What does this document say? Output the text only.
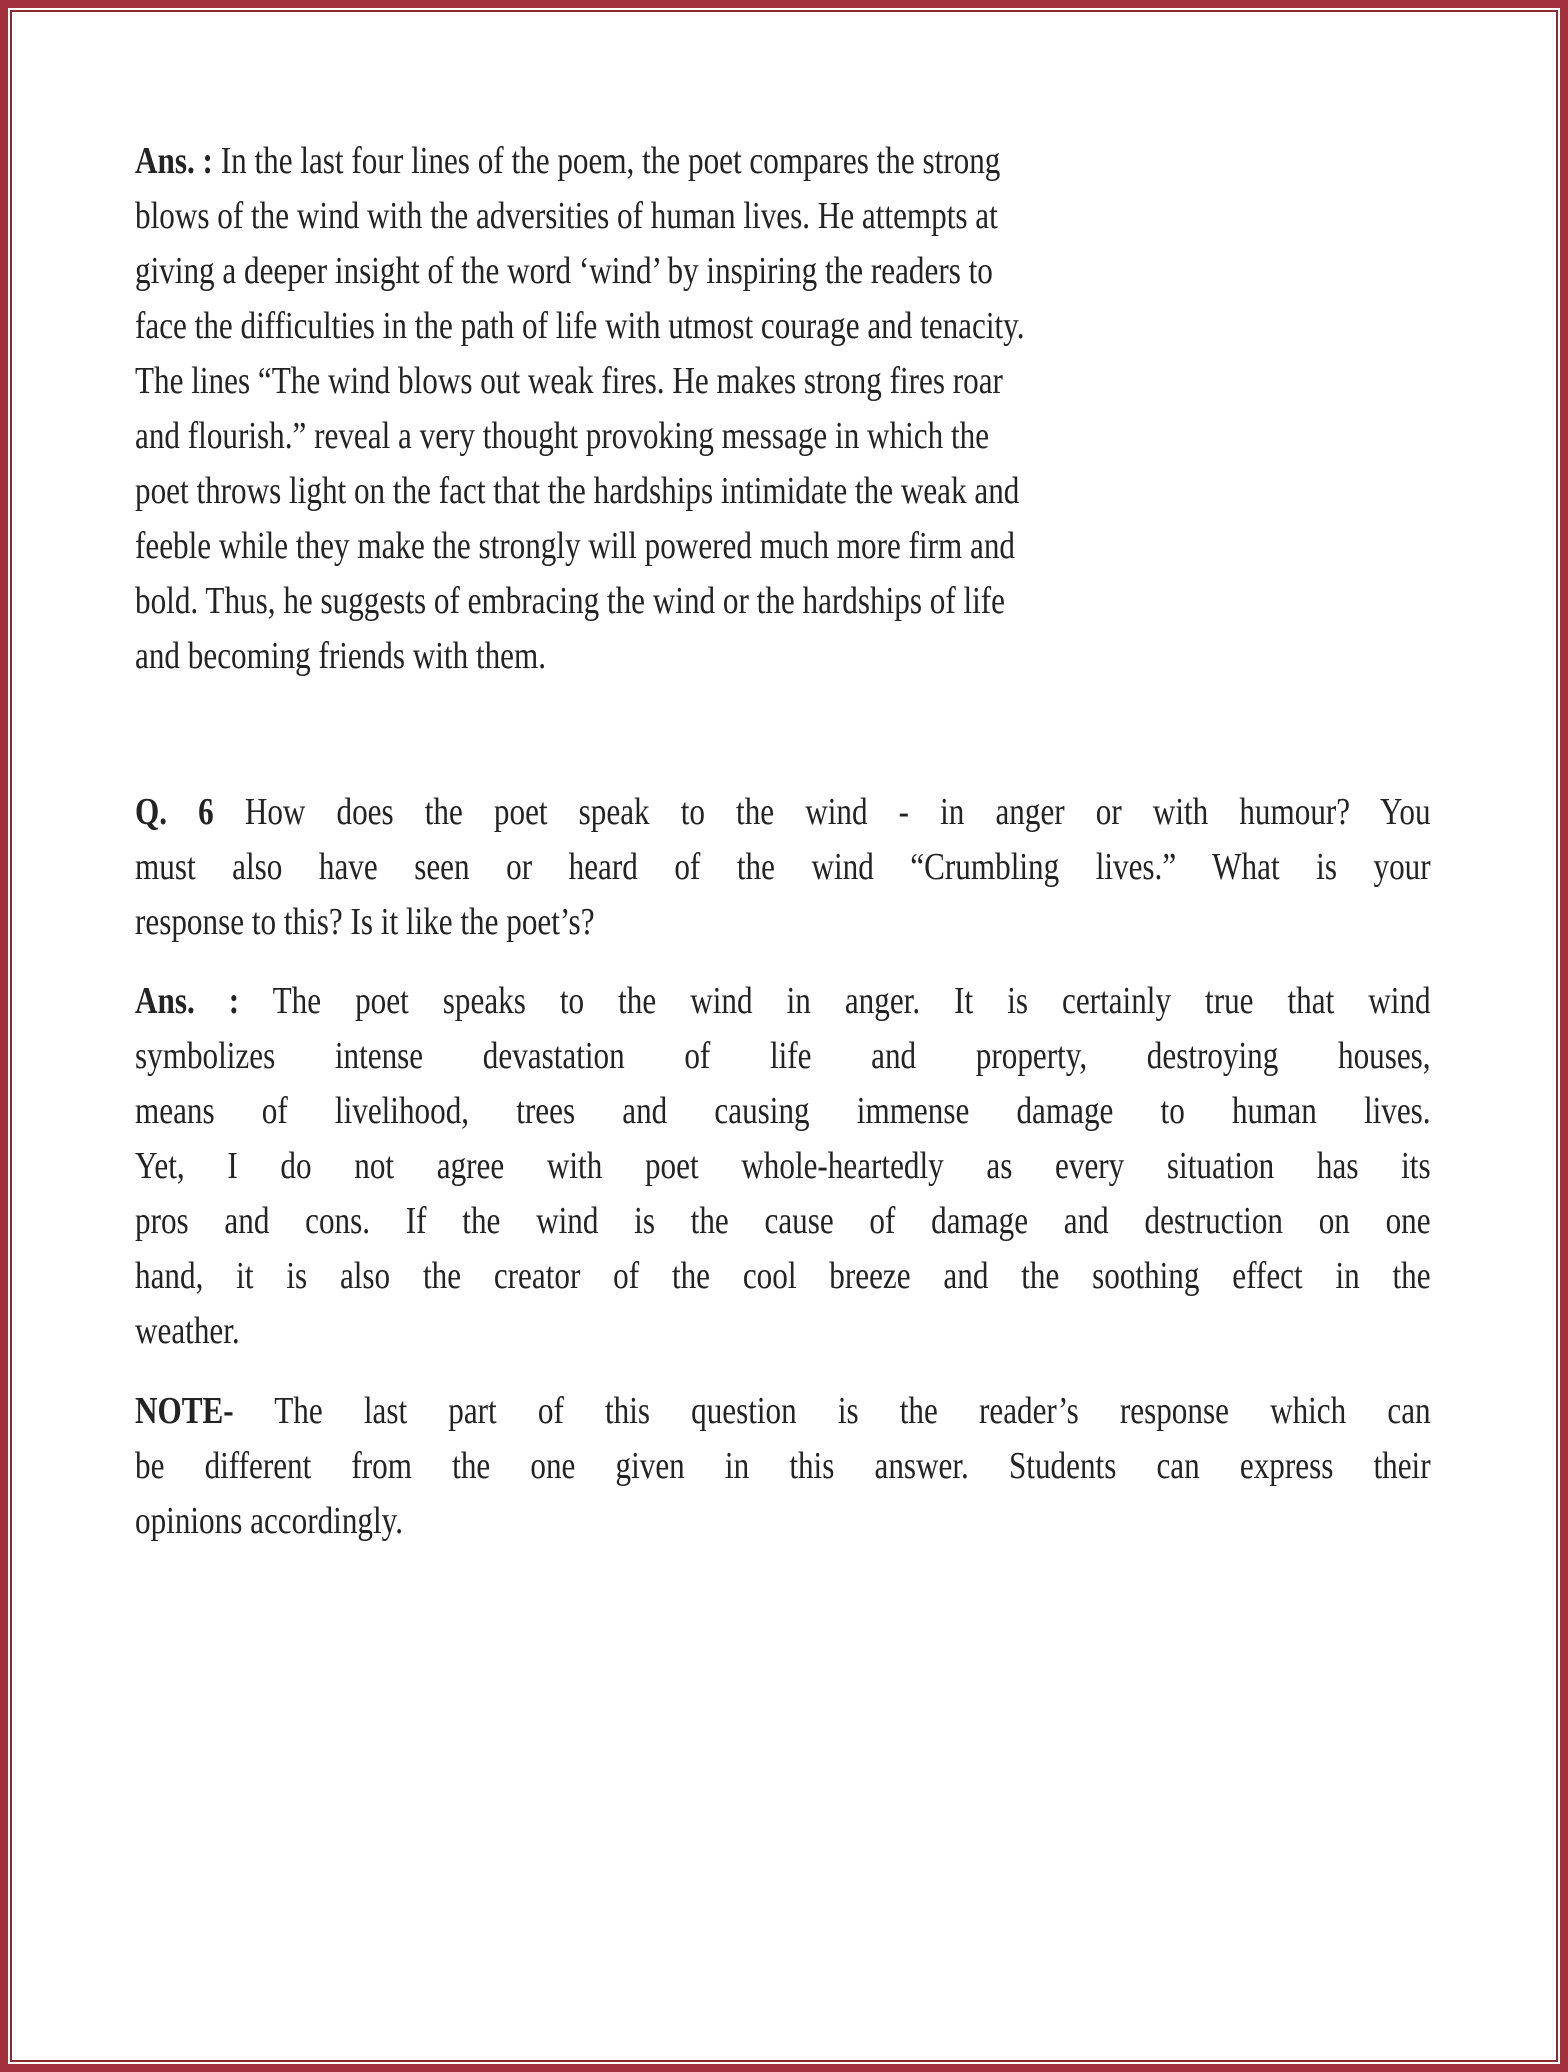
Ans. : In the last four lines of the poem, the poet compares the strong
blows of the wind with the adversities of human lives. He attempts at
giving a deeper insight of the word ‘wind’ by inspiring the readers to
face the difficulties in the path of life with utmost courage and tenacity.
The lines “The wind blows out weak fires. He makes strong fires roar
and flourish.” reveal a very thought provoking message in which the
poet throws light on the fact that the hardships intimidate the weak and
feeble while they make the strongly will powered much more firm and
bold. Thus, he suggests of embracing the wind or the hardships of life
and becoming friends with them.
Q. 6 How does the poet speak to the wind - in anger or with humour? You
must also have seen or heard of the wind “Crumbling lives.” What is your
response to this? Is it like the poet’s?
Ans. : The poet speaks to the wind in anger. It is certainly true that wind
symbolizes intense devastation of life and property, destroying houses,
means of livelihood, trees and causing immense damage to human lives.
Yet, I do not agree with poet whole-heartedly as every situation has its
pros and cons. If the wind is the cause of damage and destruction on one
hand, it is also the creator of the cool breeze and the soothing effect in the
weather.
NOTE- The last part of this question is the reader’s response which can
be different from the one given in this answer. Students can express their
opinions accordingly.
